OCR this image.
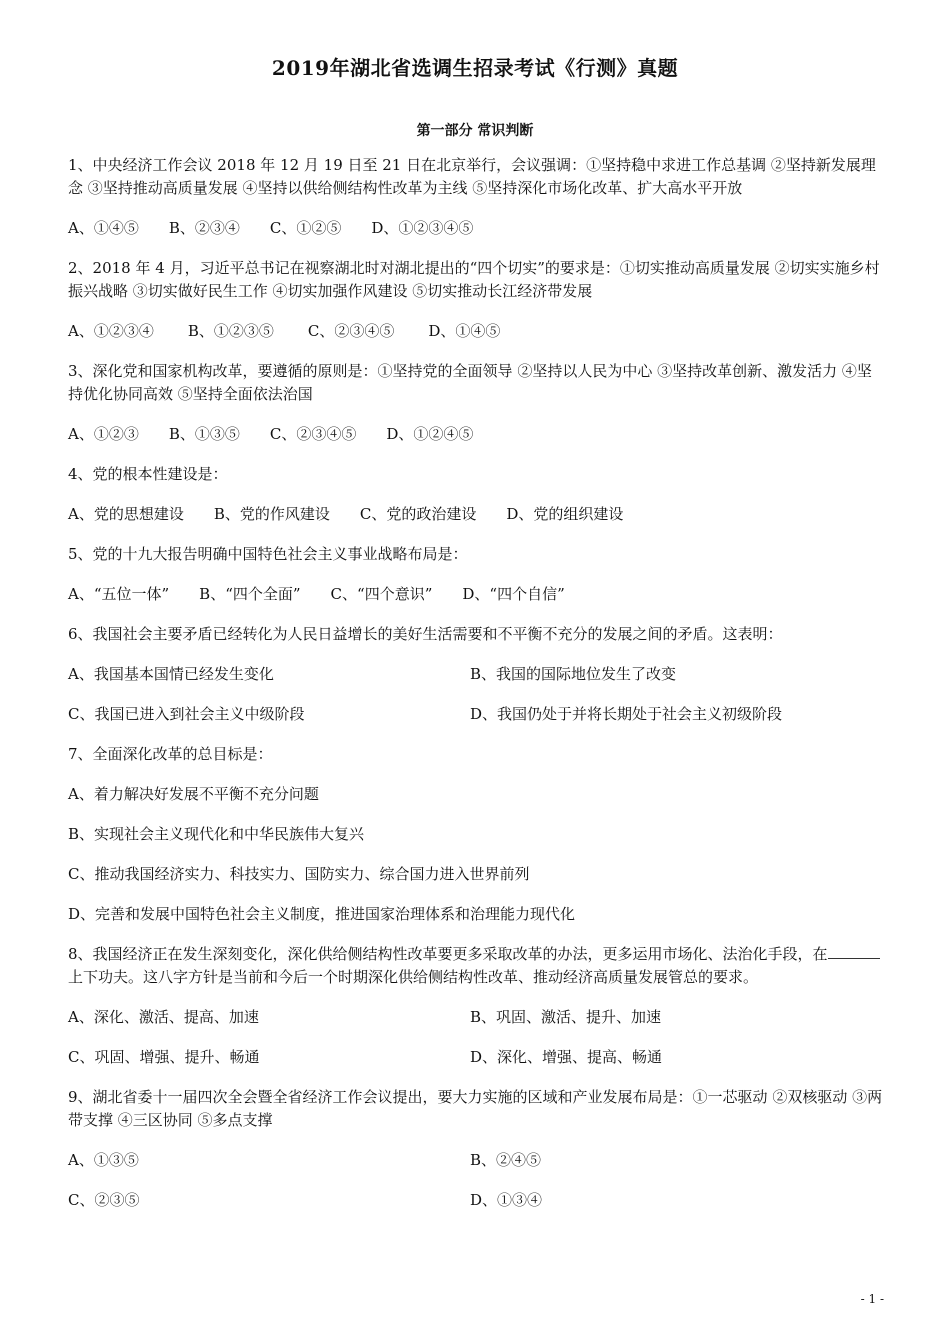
2019年湖北省选调生招录考试《行测》真题
第一部分 常识判断
1、中央经济工作会议 2018 年 12 月 19 日至 21 日在北京举行，会议强调：①坚持稳中求进工作总基调 ②坚持新发展理念 ③坚持推动高质量发展 ④坚持以供给侧结构性改革为主线 ⑤坚持深化市场化改革、扩大高水平开放
A、①④⑤ B、②③④ C、①②⑤ D、①②③④⑤
2、2018 年 4 月，习近平总书记在视察湖北时对湖北提出的“四个切实”的要求是：①切实推动高质量发展 ②切实实施乡村振兴战略 ③切实做好民生工作 ④切实加强作风建设 ⑤切实推动长江经济带发展
A、①②③④ B、①②③⑤ C、②③④⑤ D、①④⑤
3、深化党和国家机构改革，要遵循的原则是：①坚持党的全面领导 ②坚持以人民为中心 ③坚持改革创新、激发活力 ④坚持优化协同高效 ⑤坚持全面依法治国
A、①②③ B、①③⑤ C、②③④⑤ D、①②④⑤
4、党的根本性建设是：
A、党的思想建设 B、党的作风建设 C、党的政治建设 D、党的组织建设
5、党的十九大报告明确中国特色社会主义事业战略布局是：
A、“五位一体” B、“四个全面” C、“四个意识” D、“四个自信”
6、我国社会主要矛盾已经转化为人民日益增长的美好生活需要和不平衡不充分的发展之间的矛盾。这表明：
A、我国基本国情已经发生变化	B、我国的国际地位发生了改变
C、我国已进入到社会主义中级阶段	D、我国仍处于并将长期处于社会主义初级阶段
7、全面深化改革的总目标是：
A、着力解决好发展不平衡不充分问题
B、实现社会主义现代化和中华民族伟大复兴
C、推动我国经济实力、科技实力、国防实力、综合国力进入世界前列
D、完善和发展中国特色社会主义制度，推进国家治理体系和治理能力现代化
8、我国经济正在发生深刻变化，深化供给侧结构性改革要更多采取改革的办法，更多运用市场化、法治化手段，在上下功夫。这八字方针是当前和今后一个时期深化供给侧结构性改革、推动经济高质量发展管总的要求。
A、深化、激活、提高、加速	B、巩固、激活、提升、加速
C、巩固、增强、提升、畅通	D、深化、增强、提高、畅通
9、湖北省委十一届四次全会暨全省经济工作会议提出，要大力实施的区域和产业发展布局是：①一芯驱动 ②双核驱动 ③两带支撑 ④三区协同 ⑤多点支撑
A、①③⑤	B、②④⑤
C、②③⑤	D、①③④
- 1 -
